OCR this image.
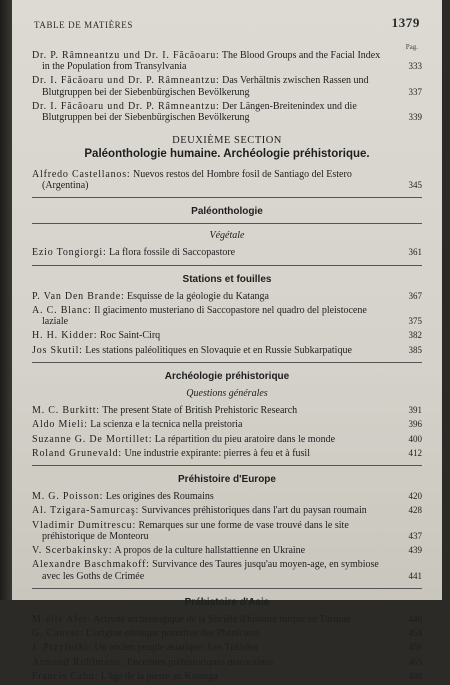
TABLE DE MATIÈRES	1379
Pag.
Dr. P. Râmneantzu und Dr. I. Făcăoaru: The Blood Groups and the Facial Index in the Population from Transylvania	333
Dr. I. Făcăoaru und Dr. P. Râmneantzu: Das Verhältnis zwischen Rassen und Blutgruppen bei der Siebenbürgischen Bevölkerung	337
Dr. I. Făcăoaru und Dr. P. Râmneantzu: Der Längen-Breitenindex und die Blutgruppen bei der Siebenbürgischen Bevölkerung	339
DEUXIÈME SECTION
Paléonthologie humaine. Archéologie préhistorique.
Alfredo Castellanos: Nuevos restos del Hombre fosil de Santiago del Estero (Argentina)	345
Paléonthologie
Végétale
Ezio Tongiorgi: La flora fossile di Saccopastore	361
Stations et fouilles
P. Van Den Brande: Esquisse de la géologie du Katanga	367
A. C. Blanc: Il giacimento musteriano di Saccopastore nel quadro del pleistocene laziale	375
H. H. Kidder: Roc Saint-Cirq	382
Jos Skutil: Les stations paléolitiques en Slovaquie et en Russie Subkarpatique	385
Archéologie préhistorique
Questions générales
M. C. Burkitt: The present State of British Prehistoric Research	391
Aldo Mieli: La scienza e la tecnica nella preistoria	396
Suzanne G. De Mortillet: La répartition du pieu aratoire dans le monde	400
Roland Grunevald: Une industrie expirante: pierres à feu et à fusil	412
Préhistoire d'Europe
M. G. Poisson: Les origines des Roumains	420
Al. Tzigara-Samurcaş: Survivances préhistoriques dans l'art du paysan roumain	428
Vladimir Dumitrescu: Remarques sur une forme de vase trouvé dans le site préhistorique de Monteoru	437
V. Scerbakinsky: A propos de la culture hallstattienne en Ukraine	439
Alexandre Baschmakoff: Survivance des Taures jusqu'au moyen-age, en symbiose avec les Goths de Crimée	441
Préhistoire d'Asie
M-elle Afet: Activité archéologique de la Société d'histoire turque en Turquie	446
G. Cauvet: L'origine ethnique primitive des Phéniciens	454
J. Przyluski: Un ancien peuple asiatique: Les Tukhâra	459
Armand Ruhlmann: Enceintes préhistoriques marocaines	465
Francis Cabu: L'âge de la pierre au Katanga	488
